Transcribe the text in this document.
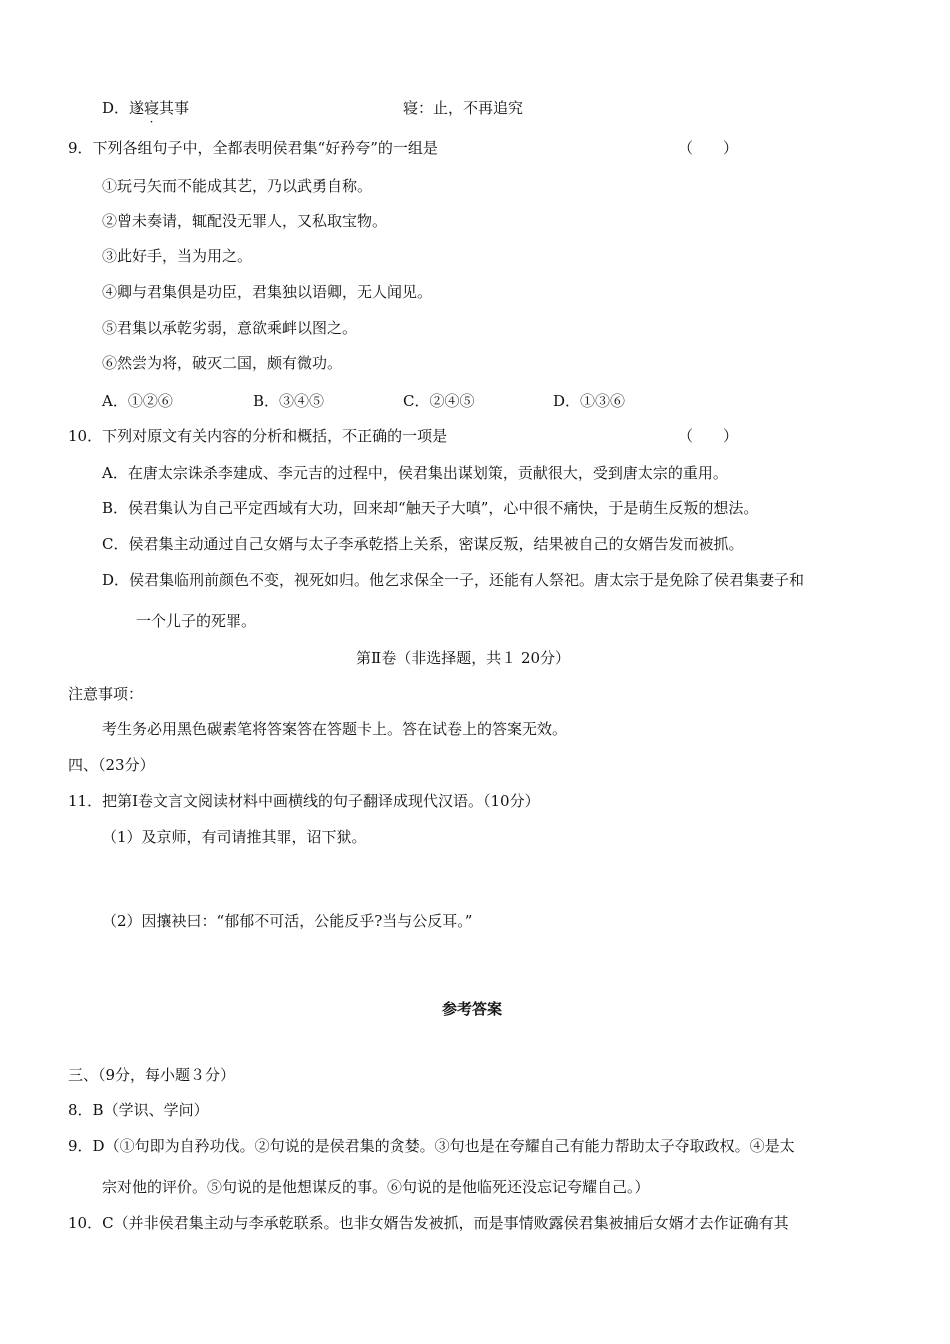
D．遂寝
·
其事	寝：止，不再追究
9．下列各组句子中，全都表明侯君集“好矜夸”的一组是	（　　）
①玩弓矢而不能成其艺，乃以武勇自称。
②曾未奏请，辄配没无罪人，又私取宝物。
③此好手，当为用之。
④卿与君集俱是功臣，君集独以语卿，无人闻见。
⑤君集以承乾劣弱，意欲乘衅以图之。
⑥然尝为将，破灭二国，颇有微功。
A．①②⑥	B．③④⑤	C．②④⑤	D．①③⑥
10．下列对原文有关内容的分析和概括，不正确的一项是	（　　）
A．在唐太宗诛杀李建成、李元吉的过程中，侯君集出谋划策，贡献很大，受到唐太宗的重用。
B．侯君集认为自己平定西域有大功，回来却“触天子大嗔”，心中很不痛快，于是萌生反叛的想法。
C．侯君集主动通过自己女婿与太子李承乾搭上关系，密谋反叛，结果被自己的女婿告发而被抓。
D．侯君集临刑前颜色不变，视死如归。他乞求保全一子，还能有人祭祀。唐太宗于是免除了侯君集妻子和
一个儿子的死罪。
第Ⅱ卷（非选择题，共１ 20分）
注意事项：
考生务必用黑色碳素笔将答案答在答题卡上。答在试卷上的答案无效。
四、（23分）
11．把第Ⅰ卷文言文阅读材料中画横线的句子翻译成现代汉语。（10分）
（1）及京师，有司请推其罪，诏下狱。
（2）因攘袂曰：“郁郁不可活，公能反乎?当与公反耳。”
参考答案
三、（9分，每小题３分）
8．B（学识、学问）
9．D（①句即为自矜功伐。②句说的是侯君集的贪婪。③句也是在夸耀自己有能力帮助太子夺取政权。④是太
宗对他的评价。⑤句说的是他想谋反的事。⑥句说的是他临死还没忘记夸耀自己。）
10．C（并非侯君集主动与李承乾联系。也非女婿告发被抓，而是事情败露侯君集被捕后女婿才去作证确有其
